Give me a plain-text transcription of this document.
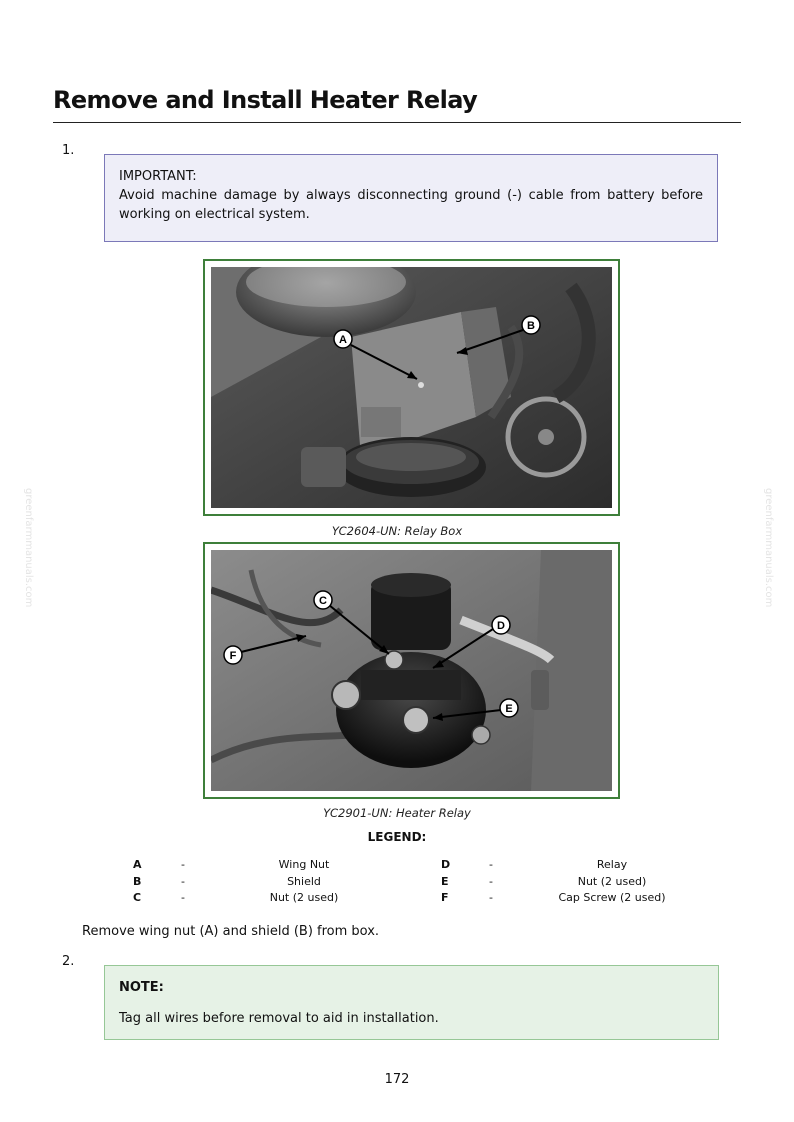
Remove and Install Heater Relay
1.
IMPORTANT:
Avoid machine damage by always disconnecting ground (-) cable from battery before working on electrical system.
A
B
YC2604-UN: Relay Box
C
D
E
F
YC2901-UN: Heater Relay
LEGEND:
A	-	Wing Nut
B	-	Shield
C	-	Nut (2 used)
D	-	Relay
E	-	Nut (2 used)
F	-	Cap Screw (2 used)
Remove wing nut (A) and shield (B) from box.
2.
NOTE:
Tag all wires before removal to aid in installation.
172
greenfarmmanuals.com	greenfarmmanuals.com
